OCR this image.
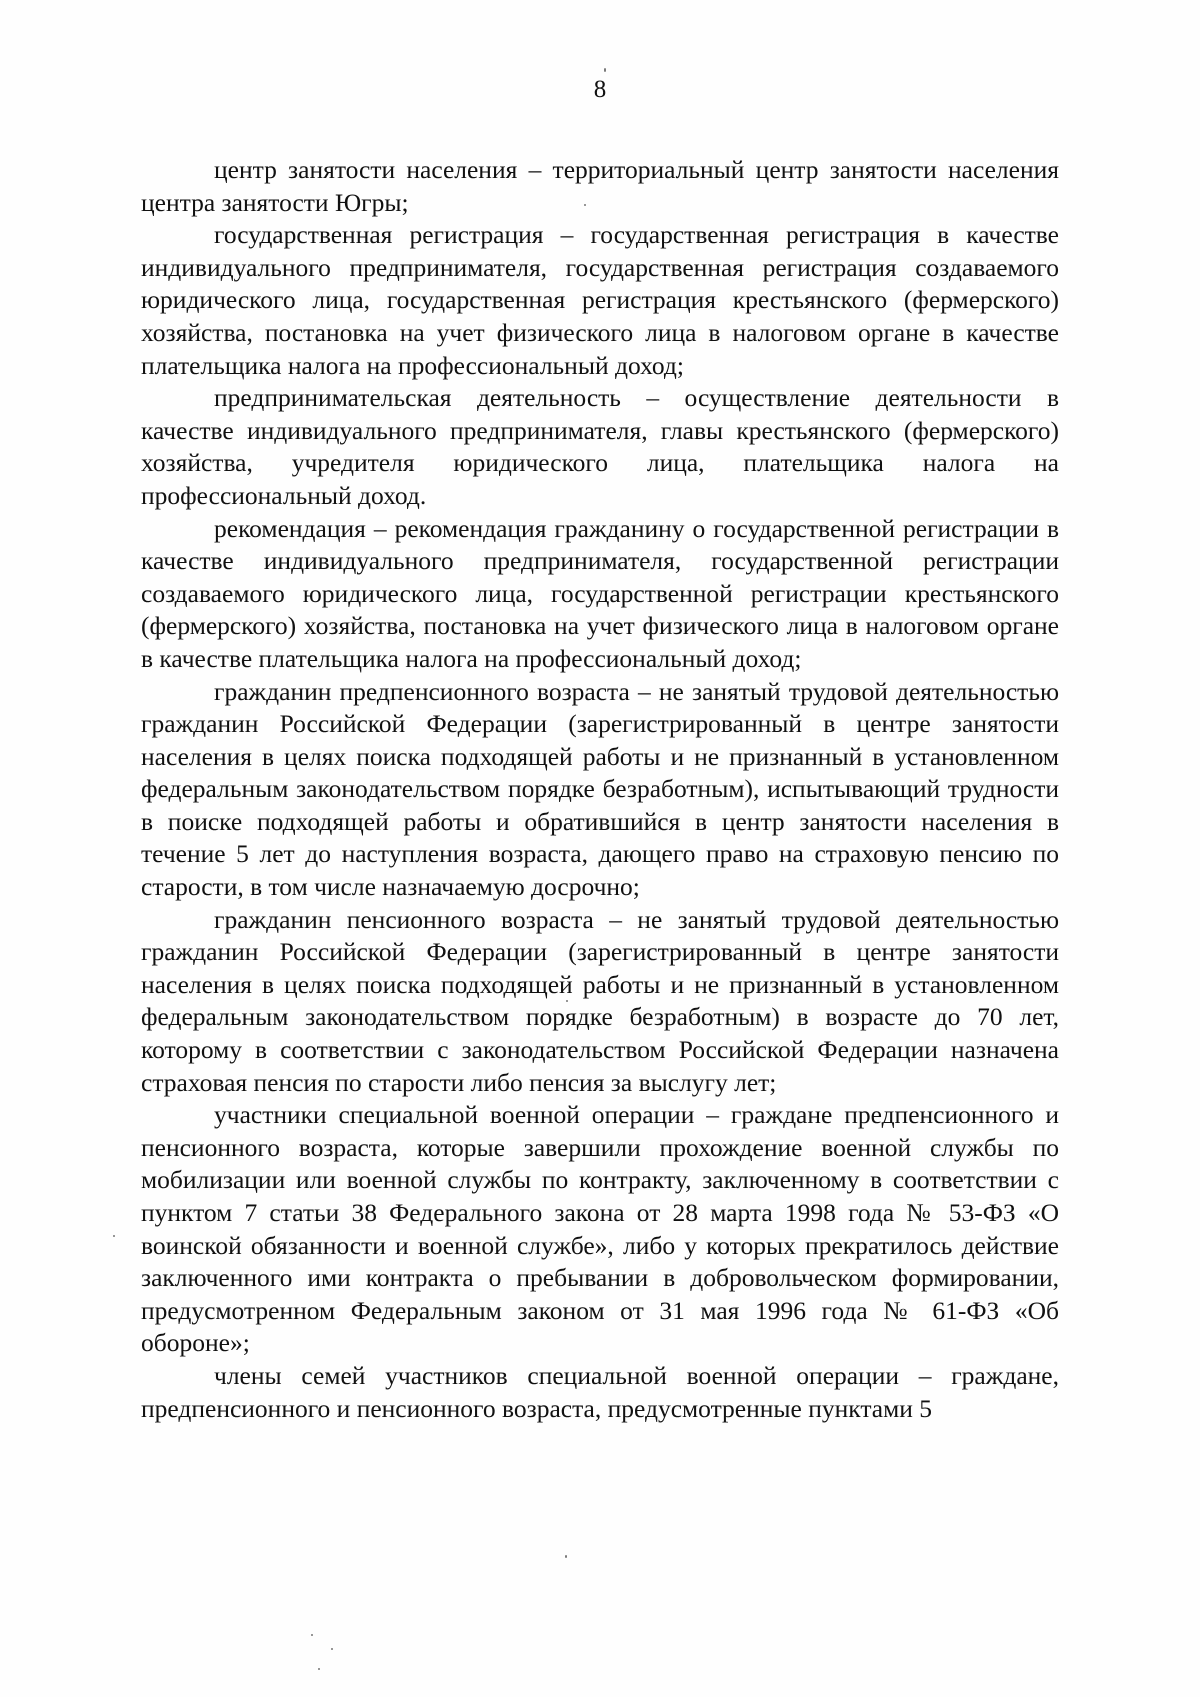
8

центр занятости населения – территориальный центр занятости населения центра занятости Югры;

государственная регистрация – государственная регистрация в качестве индивидуального предпринимателя, государственная регистрация создаваемого юридического лица, государственная регистрация крестьянского (фермерского) хозяйства, постановка на учет физического лица в налоговом органе в качестве плательщика налога на профессиональный доход;

предпринимательская деятельность – осуществление деятельности в качестве индивидуального предпринимателя, главы крестьянского (фермерского) хозяйства, учредителя юридического лица, плательщика налога на профессиональный доход.

рекомендация – рекомендация гражданину о государственной регистрации в качестве индивидуального предпринимателя, государственной регистрации создаваемого юридического лица, государственной регистрации крестьянского (фермерского) хозяйства, постановка на учет физического лица в налоговом органе в качестве плательщика налога на профессиональный доход;

гражданин предпенсионного возраста – не занятый трудовой деятельностью гражданин Российской Федерации (зарегистрированный в центре занятости населения в целях поиска подходящей работы и не признанный в установленном федеральным законодательством порядке безработным), испытывающий трудности в поиске подходящей работы и обратившийся в центр занятости населения в течение 5 лет до наступления возраста, дающего право на страховую пенсию по старости, в том числе назначаемую досрочно;

гражданин пенсионного возраста – не занятый трудовой деятельностью гражданин Российской Федерации (зарегистрированный в центре занятости населения в целях поиска подходящей работы и не признанный в установленном федеральным законодательством порядке безработным) в возрасте до 70 лет, которому в соответствии с законодательством Российской Федерации назначена страховая пенсия по старости либо пенсия за выслугу лет;

участники специальной военной операции – граждане предпенсионного и пенсионного возраста, которые завершили прохождение военной службы по мобилизации или военной службы по контракту, заключенному в соответствии с пунктом 7 статьи 38 Федерального закона от 28 марта 1998 года № 53-ФЗ «О воинской обязанности и военной службе», либо у которых прекратилось действие заключенного ими контракта о пребывании в добровольческом формировании, предусмотренном Федеральным законом от 31 мая 1996 года № 61-ФЗ «Об обороне»;

члены семей участников специальной военной операции – граждане, предпенсионного и пенсионного возраста, предусмотренные пунктами 5
